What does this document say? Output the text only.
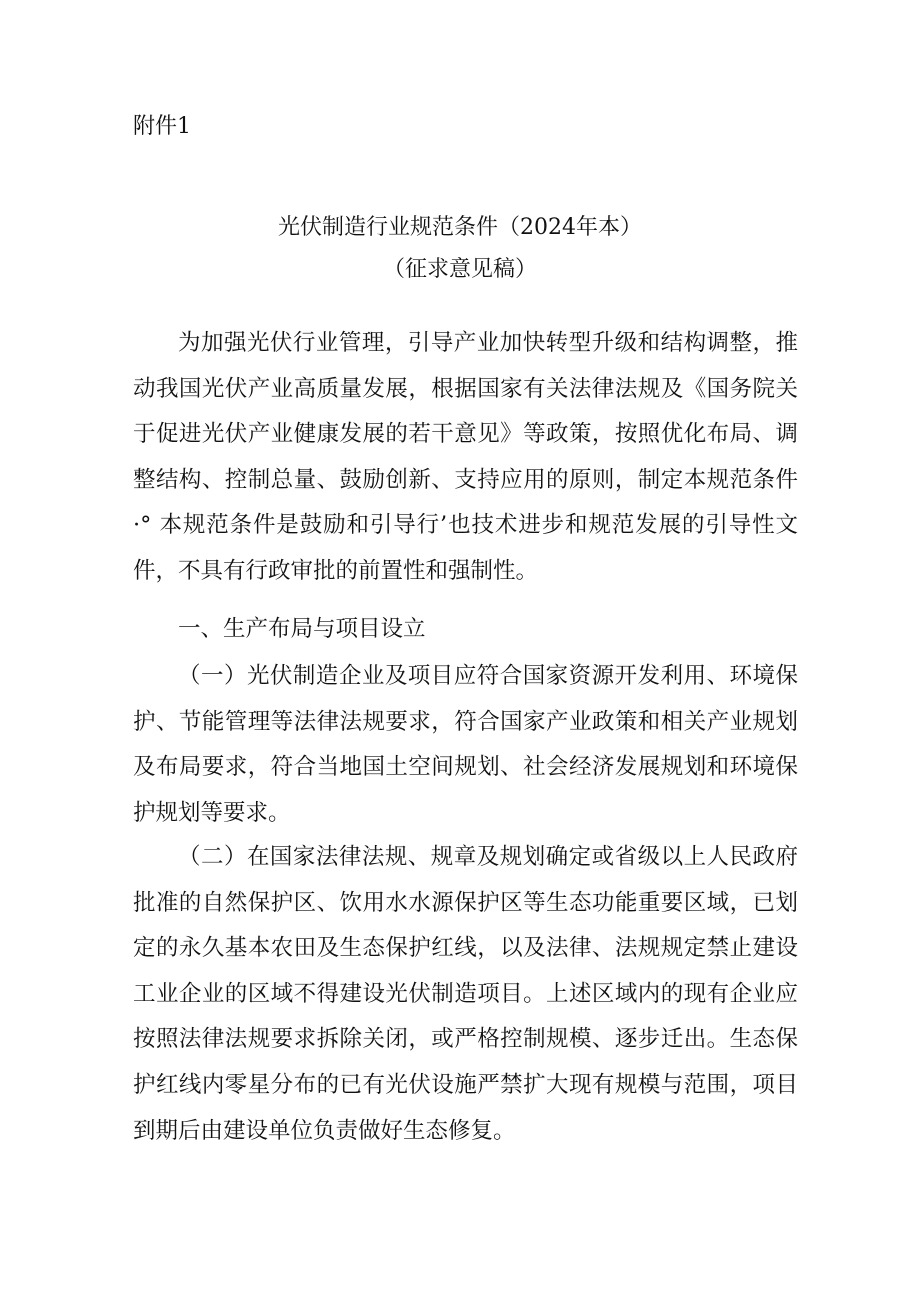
附件1
光伏制造行业规范条件（2024年本）
（征求意见稿）

为加强光伏行业管理，引导产业加快转型升级和结构调整，推动我国光伏产业高质量发展，根据国家有关法律法规及《国务院关于促进光伏产业健康发展的若干意见》等政策，按照优化布局、调整结构、控制总量、鼓励创新、支持应用的原则，制定本规范条件·° 本规范条件是鼓励和引导行’也技术进步和规范发展的引导性文件，不具有行政审批的前置性和强制性。

一、生产布局与项目设立

（一）光伏制造企业及项目应符合国家资源开发利用、环境保护、节能管理等法律法规要求，符合国家产业政策和相关产业规划及布局要求，符合当地国土空间规划、社会经济发展规划和环境保护规划等要求。

（二）在国家法律法规、规章及规划确定或省级以上人民政府批准的自然保护区、饮用水水源保护区等生态功能重要区域，已划定的永久基本农田及生态保护红线，以及法律、法规规定禁止建设工业企业的区域不得建设光伏制造项目。上述区域内的现有企业应按照法律法规要求拆除关闭，或严格控制规模、逐步迁出。生态保护红线内零星分布的已有光伏设施严禁扩大现有规模与范围，项目到期后由建设单位负责做好生态修复。
